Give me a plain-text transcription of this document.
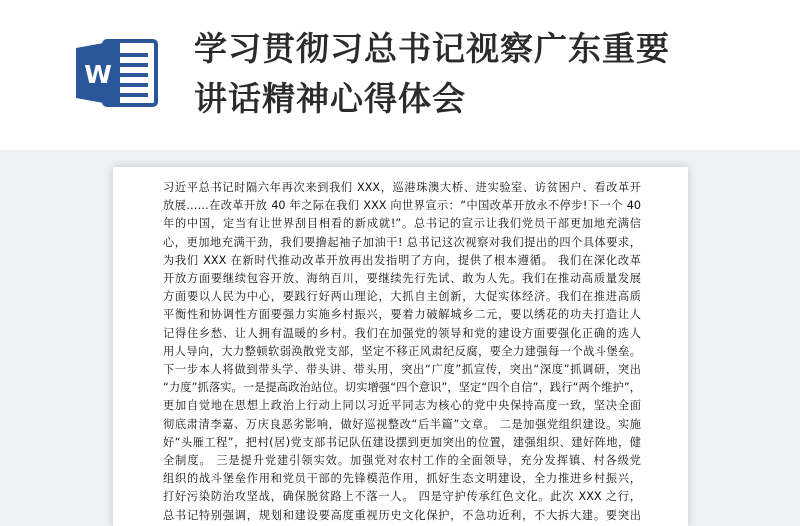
W
学习贯彻习总书记视察广东重要
讲话精神心得体会
习近平总书记时隔六年再次来到我们 XXX，巡港珠澳大桥、进实验室、访贫困户、看改革开
放展……在改革开放 40 年之际在我们 XXX 向世界宣示：“中国改革开放永不停步!下一个 40
年的中国，定当有让世界刮目相看的新成就!”。总书记的宣示让我们党员干部更加地充满信
心，更加地充满干劲，我们要撸起袖子加油干! 总书记这次视察对我们提出的四个具体要求，
为我们 XXX 在新时代推动改革开放再出发指明了方向，提供了根本遵循。 我们在深化改革
开放方面要继续包容开放、海纳百川，要继续先行先试、敢为人先。我们在推动高质量发展
方面要以人民为中心，要践行好两山理论，大抓自主创新，大促实体经济。我们在推进高质
平衡性和协调性方面要强力实施乡村振兴，要着力破解城乡二元，要以绣花的功夫打造让人
记得住乡愁、让人拥有温暖的乡村。我们在加强党的领导和党的建设方面要强化正确的选人
用人导向，大力整顿软弱涣散党支部，坚定不移正风肃纪反腐，要全力建强每一个战斗堡垒。
下一步本人将做到带头学、带头讲、带头用，突出“广度”抓宣传，突出“深度”抓调研，突出
“力度”抓落实。一是提高政治站位。切实增强“四个意识”，坚定“四个自信”，践行“两个维护”，
更加自觉地在思想上政治上行动上同以习近平同志为核心的党中央保持高度一致，坚决全面
彻底肃清李嘉、万庆良恶劣影响，做好巡视整改“后半篇”文章。 二是加强党组织建设。实施
好“头雁工程”，把村(居)党支部书记队伍建设摆到更加突出的位置，建强组织、建好阵地，健
全制度。 三是提升党建引领实效。加强党对农村工作的全面领导，充分发挥镇、村各级党
组织的战斗堡垒作用和党员干部的先锋模范作用，抓好生态文明建设，全力推进乡村振兴，
打好污染防治攻坚战，确保脱贫路上不落一人。 四是守护传承红色文化。此次 XXX 之行，
总书记特别强调，规划和建设要高度重视历史文化保护，不急功近利，不大拆大建。要突出
